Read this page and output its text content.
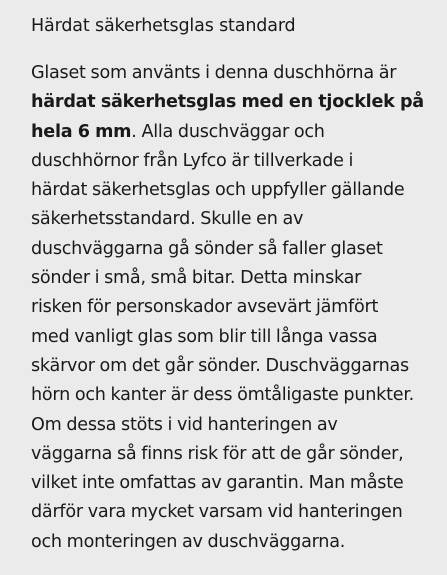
Härdat säkerhetsglas standard

Glaset som använts i denna duschhörna är
härdat säkerhetsglas med en tjocklek på
hela 6 mm. Alla duschväggar och
duschhörnor från Lyfco är tillverkade i
härdat säkerhetsglas och uppfyller gällande
säkerhetsstandard. Skulle en av
duschväggarna gå sönder så faller glaset
sönder i små, små bitar. Detta minskar
risken för personskador avsevärt jämfört
med vanligt glas som blir till långa vassa
skärvor om det går sönder. Duschväggarnas
hörn och kanter är dess ömtåligaste punkter.
Om dessa stöts i vid hanteringen av
väggarna så finns risk för att de går sönder,
vilket inte omfattas av garantin. Man måste
därför vara mycket varsam vid hanteringen
och monteringen av duschväggarna.
